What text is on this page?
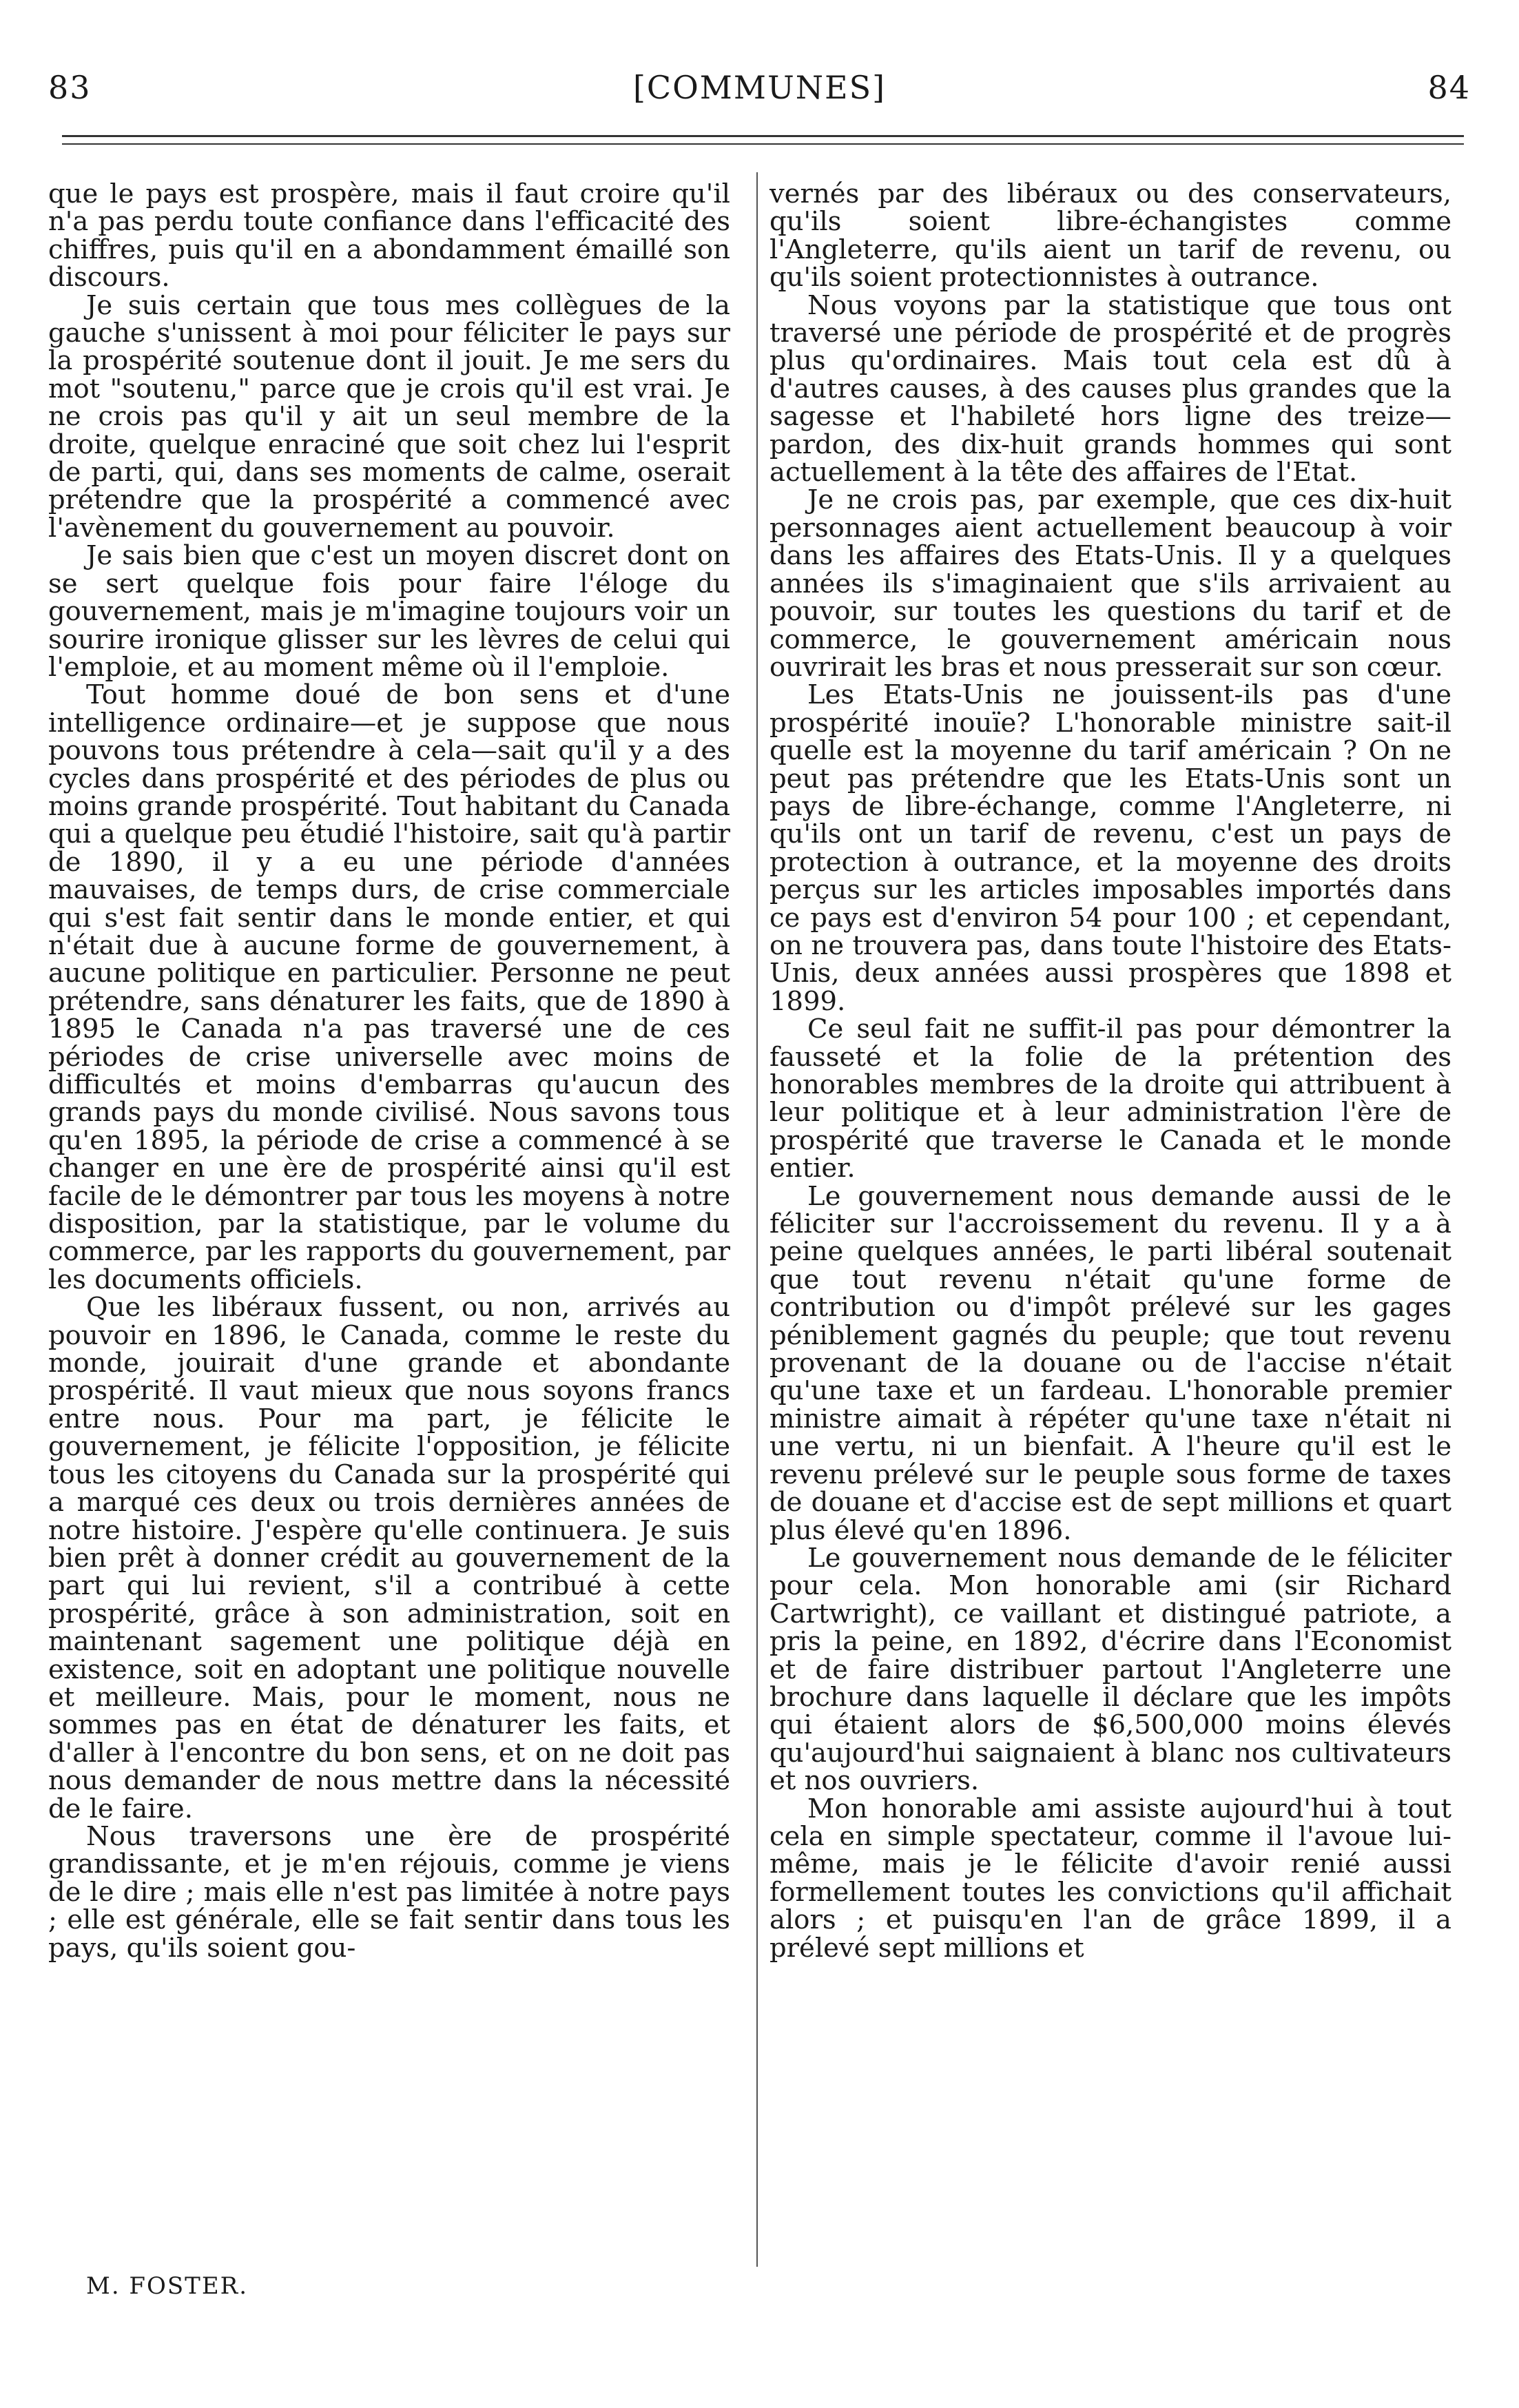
83	[COMMUNES]	84

que le pays est prospère, mais il faut croire qu'il n'a pas perdu toute confiance dans l'efficacité des chiffres, puis qu'il en a abondamment émaillé son discours.

Je suis certain que tous mes collègues de la gauche s'unissent à moi pour féliciter le pays sur la prospérité soutenue dont il jouit. Je me sers du mot "soutenu," parce que je crois qu'il est vrai. Je ne crois pas qu'il y ait un seul membre de la droite, quelque enraciné que soit chez lui l'esprit de parti, qui, dans ses moments de calme, oserait prétendre que la prospérité a commencé avec l'avènement du gouvernement au pouvoir.

Je sais bien que c'est un moyen discret dont on se sert quelque fois pour faire l'éloge du gouvernement, mais je m'imagine toujours voir un sourire ironique glisser sur les lèvres de celui qui l'emploie, et au moment même où il l'emploie.

Tout homme doué de bon sens et d'une intelligence ordinaire—et je suppose que nous pouvons tous prétendre à cela—sait qu'il y a des cycles dans prospérité et des périodes de plus ou moins grande prospérité. Tout habitant du Canada qui a quelque peu étudié l'histoire, sait qu'à partir de 1890, il y a eu une période d'années mauvaises, de temps durs, de crise commerciale qui s'est fait sentir dans le monde entier, et qui n'était due à aucune forme de gouvernement, à aucune politique en particulier. Personne ne peut prétendre, sans dénaturer les faits, que de 1890 à 1895 le Canada n'a pas traversé une de ces périodes de crise universelle avec moins de difficultés et moins d'embarras qu'aucun des grands pays du monde civilisé. Nous savons tous qu'en 1895, la période de crise a commencé à se changer en une ère de prospérité ainsi qu'il est facile de le démontrer par tous les moyens à notre disposition, par la statistique, par le volume du commerce, par les rapports du gouvernement, par les documents officiels.

Que les libéraux fussent, ou non, arrivés au pouvoir en 1896, le Canada, comme le reste du monde, jouirait d'une grande et abondante prospérité. Il vaut mieux que nous soyons francs entre nous. Pour ma part, je félicite le gouvernement, je félicite l'opposition, je félicite tous les citoyens du Canada sur la prospérité qui a marqué ces deux ou trois dernières années de notre histoire. J'espère qu'elle continuera. Je suis bien prêt à donner crédit au gouvernement de la part qui lui revient, s'il a contribué à cette prospérité, grâce à son administration, soit en maintenant sagement une politique déjà en existence, soit en adoptant une politique nouvelle et meilleure. Mais, pour le moment, nous ne sommes pas en état de dénaturer les faits, et d'aller à l'encontre du bon sens, et on ne doit pas nous demander de nous mettre dans la nécessité de le faire.

Nous traversons une ère de prospérité grandissante, et je m'en réjouis, comme je viens de le dire ; mais elle n'est pas limitée à notre pays ; elle est générale, elle se fait sentir dans tous les pays, qu'ils soient gou-

vernés par des libéraux ou des conservateurs, qu'ils soient libre-échangistes comme l'Angleterre, qu'ils aient un tarif de revenu, ou qu'ils soient protectionnistes à outrance.

Nous voyons par la statistique que tous ont traversé une période de prospérité et de progrès plus qu'ordinaires. Mais tout cela est dû à d'autres causes, à des causes plus grandes que la sagesse et l'habileté hors ligne des treize—pardon, des dix-huit grands hommes qui sont actuellement à la tête des affaires de l'Etat.

Je ne crois pas, par exemple, que ces dix-huit personnages aient actuellement beaucoup à voir dans les affaires des Etats-Unis. Il y a quelques années ils s'imaginaient que s'ils arrivaient au pouvoir, sur toutes les questions du tarif et de commerce, le gouvernement américain nous ouvrirait les bras et nous presserait sur son cœur.

Les Etats-Unis ne jouissent-ils pas d'une prospérité inouïe? L'honorable ministre sait-il quelle est la moyenne du tarif américain ? On ne peut pas prétendre que les Etats-Unis sont un pays de libre-échange, comme l'Angleterre, ni qu'ils ont un tarif de revenu, c'est un pays de protection à outrance, et la moyenne des droits perçus sur les articles imposables importés dans ce pays est d'environ 54 pour 100 ; et cependant, on ne trouvera pas, dans toute l'histoire des Etats-Unis, deux années aussi prospères que 1898 et 1899.

Ce seul fait ne suffit-il pas pour démontrer la fausseté et la folie de la prétention des honorables membres de la droite qui attribuent à leur politique et à leur administration l'ère de prospérité que traverse le Canada et le monde entier.

Le gouvernement nous demande aussi de le féliciter sur l'accroissement du revenu. Il y a à peine quelques années, le parti libéral soutenait que tout revenu n'était qu'une forme de contribution ou d'impôt prélevé sur les gages péniblement gagnés du peuple; que tout revenu provenant de la douane ou de l'accise n'était qu'une taxe et un fardeau. L'honorable premier ministre aimait à répéter qu'une taxe n'était ni une vertu, ni un bienfait. A l'heure qu'il est le revenu prélevé sur le peuple sous forme de taxes de douane et d'accise est de sept millions et quart plus élevé qu'en 1896.

Le gouvernement nous demande de le féliciter pour cela. Mon honorable ami (sir Richard Cartwright), ce vaillant et distingué patriote, a pris la peine, en 1892, d'écrire dans l'Economist et de faire distribuer partout l'Angleterre une brochure dans laquelle il déclare que les impôts qui étaient alors de $6,500,000 moins élevés qu'aujourd'hui saignaient à blanc nos cultivateurs et nos ouvriers.

Mon honorable ami assiste aujourd'hui à tout cela en simple spectateur, comme il l'avoue lui-même, mais je le félicite d'avoir renié aussi formellement toutes les convictions qu'il affichait alors ; et puisqu'en l'an de grâce 1899, il a prélevé sept millions et

M. FOSTER.
